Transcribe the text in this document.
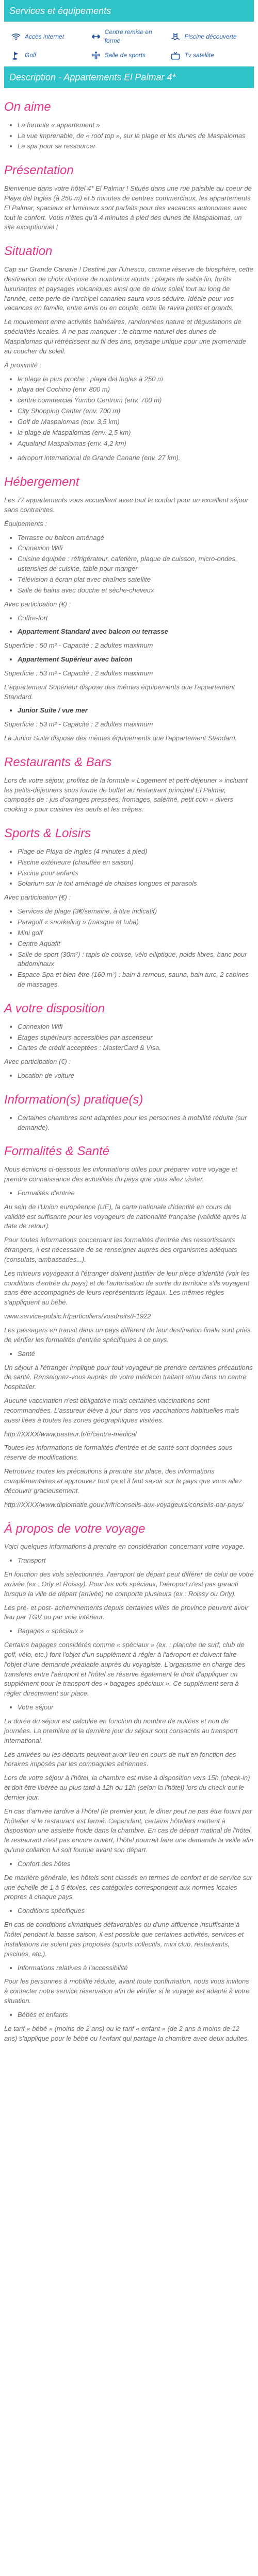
Services et équipements
Accès internet
Centre remise en forme
Piscine découverte
Golf	Salle de sports	Tv satellite
Description - Appartements El Palmar 4*
On aime
• La formule « appartement »
• La vue imprenable, de « roof top », sur la plage et les dunes de Maspalomas
• Le spa pour se ressourcer
Présentation

Bienvenue dans votre hôtel 4* El Palmar ! Situés dans une rue paisible au coeur de Playa del Inglés (à 250 m) et 5 minutes de centres commerciaux, les appartements El Palmar, spacieux et lumineux sont parfaits pour des vacances autonomes avec tout le confort. Vous n'êtes qu'à 4 minutes à pied des dunes de Maspalomas, un site exceptionnel !

Situation

Cap sur Grande Canarie ! Destiné par l'Unesco, comme réserve de biosphère, cette destination de choix dispose de nombreux atouts : plages de sable fin, forêts luxuriantes et paysages volcaniques ainsi que de doux soleil tout au long de l'année, cette perle de l'archipel canarien saura vous séduire. Idéale pour vos vacances en famille, entre amis ou en couple, cette île ravira petits et grands.

Le mouvement entre activités balnéaires, randonnées nature et dégustations de spécialités locales. À ne pas manquer : le charme naturel des dunes de Maspalomas qui rétrécissent au fil des ans, paysage unique pour une promenade au coucher du soleil.

À proximité :

• la plage la plus proche : playa del Ingles à 250 m
• playa del Cochino (env. 800 m)
• centre commercial Yumbo Centrum (env. 700 m)
• City Shopping Center (env. 700 m)
• Golf de Maspalomas (env. 3,5 km)
• la plage de Maspalomas (env. 2,5 km)
• Aqualand Maspalomas (env. 4,2 km)
• aéroport international de Grande Canarie (env. 27 km).
Hébergement

Les 77 appartements vous accueillent avec tout le confort pour un excellent séjour sans contraintes.

Équipements :

• Terrasse ou balcon aménagé
• Connexion Wifi
• Cuisine équipée : réfrigérateur, cafetière, plaque de cuisson, micro-ondes, ustensiles de cuisine, table pour manger
• Télévision à écran plat avec chaînes satellite
• Salle de bains avec douche et sèche-cheveux

Avec participation (€) :

• Coffre-fort
• Appartement Standard avec balcon ou terrasse

Superficie : 50 m² - Capacité : 2 adultes maximum

• Appartement Supérieur avec balcon

Superficie : 53 m² - Capacité : 2 adultes maximum

L'appartement Supérieur dispose des mêmes équipements que l'appartement Standard.

• Junior Suite / vue mer

Superficie : 53 m² - Capacité : 2 adultes maximum

La Junior Suite dispose des mêmes équipements que l'appartement Standard.

Restaurants & Bars

Lors de votre séjour, profitez de la formule « Logement et petit-déjeuner » incluant les petits-déjeuners sous forme de buffet au restaurant principal El Palmar, composés de : jus d'oranges pressées, fromages, salé/thé, petit coin « divers cooking » pour cuisiner les oeufs et les crêpes.

Sports & Loisirs
• Plage de Playa de Ingles (4 minutes à pied)
• Piscine extérieure (chauffée en saison)
• Piscine pour enfants
• Solarium sur le toit aménagé de chaises longues et parasols

Avec participation (€) :

• Services de plage (3€/semaine, à titre indicatif)
• Paragolf « snorkeling » (masque et tuba)
• Mini golf
• Centre Aquafit
• Salle de sport (30m²) : tapis de course, vélo elliptique, poids libres, banc pour abdominaux
• Espace Spa et bien-être (160 m²) : bain à remous, sauna, bain turc, 2 cabines de massages.
A votre disposition
• Connexion Wifi
• Étages supérieurs accessibles par ascenseur
• Cartes de crédit acceptées : MasterCard & Visa.

Avec participation (€) :

• Location de voiture
Information(s) pratique(s)
• Certaines chambres sont adaptées pour les personnes à mobilité réduite (sur demande).
Formalités & Santé

Nous écrivons ci-dessous les informations utiles pour préparer votre voyage et prendre connaissance des actualités du pays que vous allez visiter.

• Formalités d'entrée

Au sein de l'Union européenne (UE), la carte nationale d'identité en cours de validité est suffisante pour les voyageurs de nationalité française (validité après la date de retour).

Pour toutes informations concernant les formalités d'entrée des ressortissants étrangers, il est nécessaire de se renseigner auprès des organismes adéquats (consulats, ambassades...).

Les mineurs voyageant à l'étranger doivent justifier de leur pièce d'identité (voir les conditions d'entrée du pays) et de l'autorisation de sortie du territoire s'ils voyagent sans être accompagnés de leurs représentants légaux. Les mêmes règles s'appliquent au bébé.

www.service-public.fr/particuliers/vosdroits/F1922

Les passagers en transit dans un pays diffèrent de leur destination finale sont priés de vérifier les formalités d'entrée spécifiques à ce pays.

• Santé

Un séjour à l'étranger implique pour tout voyageur de prendre certaines précautions de santé. Renseignez-vous auprès de votre médecin traitant et/ou dans un centre hospitalier.

Aucune vaccination n'est obligatoire mais certaines vaccinations sont recommandées. L'assureur élève à jour dans vos vaccinations habituelles mais aussi liées à toutes les zones géographiques visitées.

http://XXXX/www.pasteur.fr/fr/centre-medical

Toutes les informations de formalités d'entrée et de santé sont données sous réserve de modifications.

Retrouvez toutes les précautions à prendre sur place, des informations complémentaires et approuvez tout ça et il faut savoir sur le pays que vous allez découvrir gracieusement.

http://XXXX/www.diplomatie.gouv.fr/fr/conseils-aux-voyageurs/conseils-par-pays/

À propos de votre voyage

Voici quelques informations à prendre en considération concernant votre voyage.

• Transport

En fonction des vols sélectionnés, l'aéroport de départ peut différer de celui de votre arrivée (ex : Orly et Roissy). Pour les vols spéciaux, l'aéroport n'est pas garanti lorsque la ville de départ (arrivée) ne comporte plusieurs (ex : Roissy ou Orly).

Les pré- et post- acheminements depuis certaines villes de province peuvent avoir lieu par TGV ou par voie intérieur.

• Bagages « spéciaux »

Certains bagages considérés comme « spéciaux » (ex. : planche de surf, club de golf, vélo, etc.) font l'objet d'un supplément à régler à l'aéroport et doivent faire l'objet d'une demande préalable auprès du voyagiste. L'organisme en charge des transferts entre l'aéroport et l'hôtel se réserve également le droit d'appliquer un supplément pour le transport des « bagages spéciaux ». Ce supplément sera à régler directement sur place.

• Votre séjour

La durée du séjour est calculée en fonction du nombre de nuitées et non de journées. La première et la dernière jour du séjour sont consacrés au transport international.

Les arrivées ou les départs peuvent avoir lieu en cours de nuit en fonction des horaires imposés par les compagnies aériennes.

Lors de votre séjour à l'hôtel, la chambre est mise à disposition vers 15h (check-in) et doit être libérée au plus tard à 12h ou 12h (selon la l'hôtel) lors du check out le dernier jour.

En cas d'arrivée tardive à l'hôtel (le premier jour, le dîner peut ne pas être fourni par l'hôtelier si le restaurant est fermé. Cependant, certains hôteliers mettent à disposition une assiette froide dans la chambre. En cas de départ matinal de l'hôtel, le restaurant n'est pas encore ouvert, l'hôtel pourrait faire une demande la veille afin qu'une collation lui soit fournie avant son départ.

• Confort des hôtes

De manière générale, les hôtels sont classés en termes de confort et de service sur une échelle de 1 à 5 étoiles. ces catégories correspondent aux normes locales propres à chaque pays.

• Conditions spécifiques

En cas de conditions climatiques défavorables ou d'une affluence insuffisante à l'hôtel pendant la basse saison, il est possible que certaines activités, services et installations ne soient pas proposés (sports collectifs, mini club, restaurants, piscines, etc.).

• Informations relatives à l'accessibilité

Pour les personnes à mobilité réduite, avant toute confirmation, nous vous invitons à contacter notre service réservation afin de vérifier si le voyage est adapté à votre situation.

• Bébés et enfants

Le tarif « bébé » (moins de 2 ans) ou le tarif « enfant » (de 2 ans à moins de 12 ans) s'applique pour le bébé ou l'enfant qui partage la chambre avec deux adultes.
